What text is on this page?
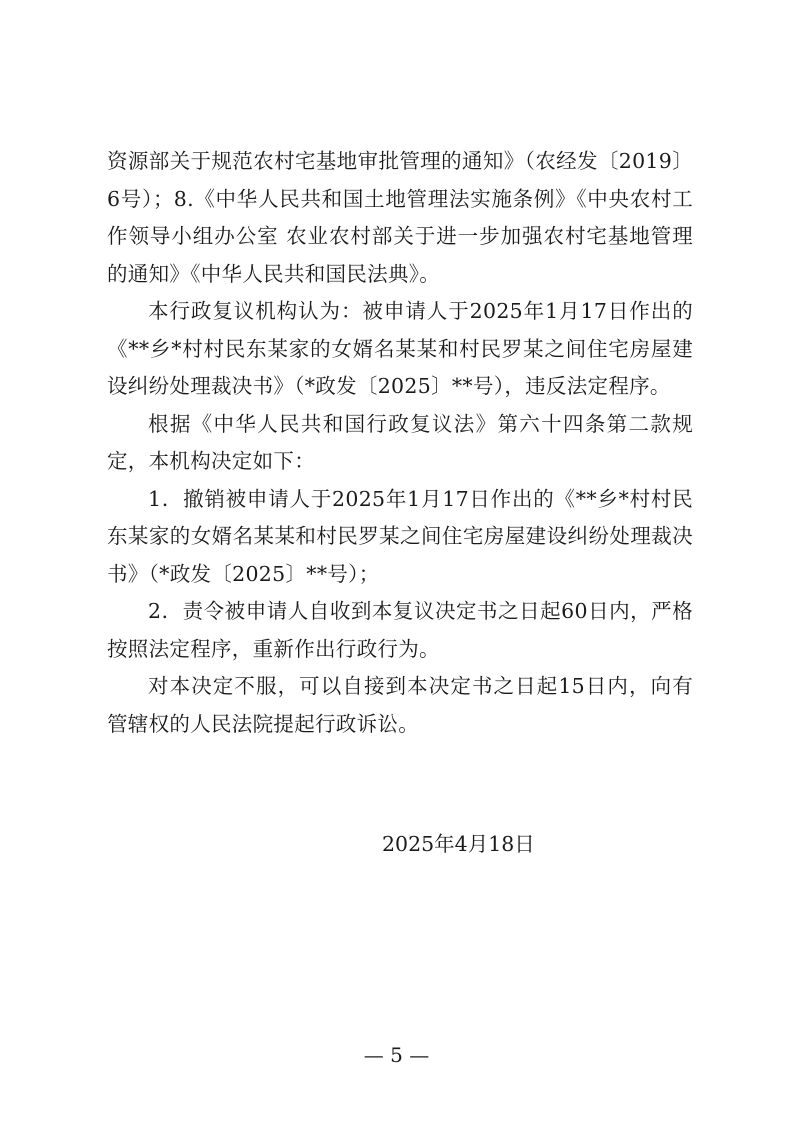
资源部关于规范农村宅基地审批管理的通知》（农经发〔2019〕6号）；8.《中华人民共和国土地管理法实施条例》《中央农村工作领导小组办公室 农业农村部关于进一步加强农村宅基地管理的通知》《中华人民共和国民法典》。

本行政复议机构认为：被申请人于2025年1月17日作出的《**乡*村村民东某家的女婿名某某和村民罗某之间住宅房屋建设纠纷处理裁决书》（*政发〔2025〕**号），违反法定程序。

根据《中华人民共和国行政复议法》第六十四条第二款规定，本机构决定如下：

1．撤销被申请人于2025年1月17日作出的《**乡*村村民东某家的女婿名某某和村民罗某之间住宅房屋建设纠纷处理裁决书》（*政发〔2025〕**号）；

2．责令被申请人自收到本复议决定书之日起60日内，严格按照法定程序，重新作出行政行为。

对本决定不服，可以自接到本决定书之日起15日内，向有管辖权的人民法院提起行政诉讼。

2025年4月18日
— 5 —
